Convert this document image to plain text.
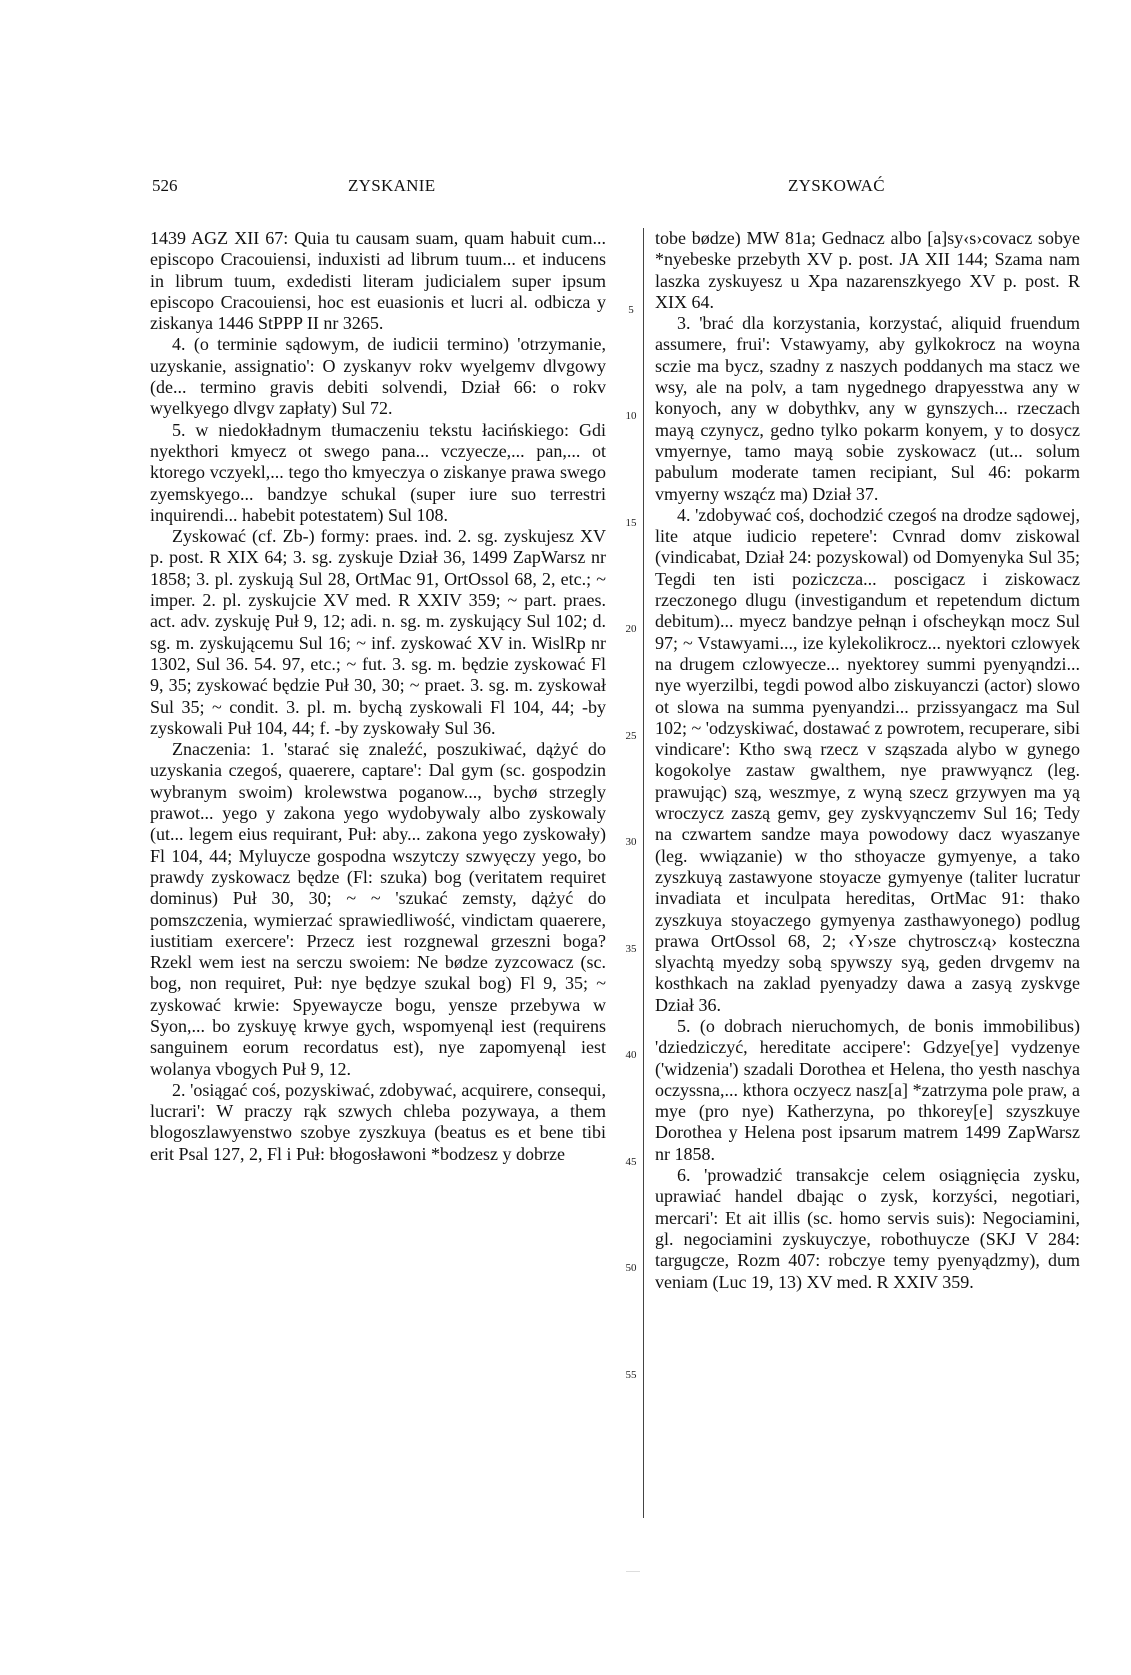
526	ZYSKANIE	ZYSKOWAĆ

1439 AGZ XII 67: Quia tu causam suam, quam habuit cum... episcopo Cracouiensi, induxisti ad librum tuum... et inducens in librum tuum, exdedisti literam judicialem super ipsum episcopo Cracouiensi, hoc est euasionis et lucri al. odbicza y ziskanya 1446 StPPP II nr 3265.

4. (o terminie sądowym, de iudicii termino) 'otrzymanie, uzyskanie, assignatio': O zyskanyv rokv wyelgemv dlvgowy (de... termino gravis debiti solvendi, Dział 66: o rokv wyelkyego dlvgv zapłaty) Sul 72.

5. w niedokładnym tłumaczeniu tekstu łacińskiego: Gdi nyekthori kmyecz ot swego pana... vczyecze,... pan,... ot ktorego vczyekl,... tego tho kmyeczya o ziskanye prawa swego zyemskyego... bandzye schukal (super iure suo terrestri inquirendi... habebit potestatem) Sul 108.

Zyskować (cf. Zb-) formy: praes. ind. 2. sg. zyskujesz XV p. post. R XIX 64; 3. sg. zyskuje Dział 36, 1499 ZapWarsz nr 1858; 3. pl. zyskują Sul 28, OrtMac 91, OrtOssol 68, 2, etc.; ~ imper. 2. pl. zyskujcie XV med. R XXIV 359; ~ part. praes. act. adv. zyskuję Puł 9, 12; adi. n. sg. m. zyskujący Sul 102; d. sg. m. zyskującemu Sul 16; ~ inf. zyskować XV in. WislRp nr 1302, Sul 36. 54. 97, etc.; ~ fut. 3. sg. m. będzie zyskować Fl 9, 35; zyskować będzie Puł 30, 30; ~ praet. 3. sg. m. zyskował Sul 35; ~ condit. 3. pl. m. bychą zyskowali Fl 104, 44; -by zyskowali Puł 104, 44; f. -by zyskowały Sul 36.

Znaczenia: 1. 'starać się znaleźć, poszukiwać, dążyć do uzyskania czegoś, quaerere, captare': Dal gym (sc. gospodzin wybranym swoim) krolewstwa poganow..., bychø strzegly prawot... yego y zakona yego wydobywaly albo zyskowaly (ut... legem eius requirant, Puł: aby... zakona yego zyskowały) Fl 104, 44; Myluycze gospodna wszytczy szwyęczy yego, bo prawdy zyskowacz będze (Fl: szuka) bog (veritatem requiret dominus) Puł 30, 30; ~ ~ 'szukać zemsty, dążyć do pomszczenia, wymierzać sprawiedliwość, vindictam quaerere, iustitiam exercere': Przecz iest rozgnewal grzeszni boga? Rzekl wem iest na serczu swoiem: Ne bødze zyzcowacz (sc. bog, non requiret, Puł: nye będzye szukal bog) Fl 9, 35; ~ zyskować krwie: Spyewaycze bogu, yensze przebywa w Syon,... bo zyskuyę krwye gych, wspomyenąl iest (requirens sanguinem eorum recordatus est), nye zapomyenąl iest wolanya vbogych Puł 9, 12.

2. 'osiągać coś, pozyskiwać, zdobywać, acquirere, consequi, lucrari': W praczy rąk szwych chleba pozywaya, a them blogoszlawyenstwo szobye zyszkuya (beatus es et bene tibi erit Psal 127, 2, Fl i Puł: błogosławoni *bodzesz y dobrze

5
10
15
20
25
30
35
40
45
50
55

tobe bødze) MW 81a; Gednacz albo [a]sy‹s›covacz sobye *nyebeske przebyth XV p. post. JA XII 144; Szama nam laszka zyskuyesz u Xpa nazarenszkyego XV p. post. R XIX 64.

3. 'brać dla korzystania, korzystać, aliquid fruendum assumere, frui': Vstawyamy, aby gylkokrocz na woyna sczie ma bycz, szadny z naszych poddanych ma stacz we wsy, ale na polv, a tam nygednego drapyesstwa any w konyoch, any w dobythkv, any w gynszych... rzeczach mayą czynycz, gedno tylko pokarm konyem, y to dosycz vmyernye, tamo mayą sobie zyskowacz (ut... solum pabulum moderate tamen recipiant, Sul 46: pokarm vmyerny wsząćz ma) Dział 37.

4. 'zdobywać coś, dochodzić czegoś na drodze sądowej, lite atque iudicio repetere': Cvnrad domv ziskowal (vindicabat, Dział 24: pozyskowal) od Domyenyka Sul 35; Tegdi ten isti poziczcza... poscigacz i ziskowacz rzeczonego dlugu (investigandum et repetendum dictum debitum)... myecz bandzye pełnąn i ofscheykąn mocz Sul 97; ~ Vstawyami..., ize kylekolikrocz... nyektori czlowyek na drugem czlowyecze... nyektorey summi pyenyąndzi... nye wyerzilbi, tegdi powod albo ziskuyanczi (actor) slowo ot slowa na summa pyenyandzi... przissyangacz ma Sul 102; ~ 'odzyskiwać, dostawać z powrotem, recuperare, sibi vindicare': Ktho swą rzecz v sząszada alybo w gynego kogokolye zastaw gwalthem, nye prawwyąncz (leg. prawując) szą, weszmye, z wyną szecz grzywyen ma yą wroczycz zaszą gemv, gey zyskvyąnczemv Sul 16; Tedy na czwartem sandze maya powodowy dacz wyaszanye (leg. wwiązanie) w tho sthoyacze gymyenye, a tako zyszkuyą zastawyone stoyacze gymyenye (taliter lucratur invadiata et inculpata hereditas, OrtMac 91: thako zyszkuya stoyaczego gymyenya zasthawyonego) podlug prawa OrtOssol 68, 2; ‹Y›sze chytroscz‹ą› kosteczna slyachtą myedzy sobą spywszy syą, geden drvgemv na kosthkach na zaklad pyenyadzy dawa a zasyą zyskvge Dział 36.

5. (o dobrach nieruchomych, de bonis immobilibus) 'dziedziczyć, hereditate accipere': Gdzye[ye] vydzenye ('widzenia') szadali Dorothea et Helena, tho yesth naschya oczyssna,... kthora oczyecz nasz[a] *zatrzyma pole praw, a mye (pro nye) Katherzyna, po thkorey[e] szyszkuye Dorothea y Helena post ipsarum matrem 1499 ZapWarsz nr 1858.

6. 'prowadzić transakcje celem osiągnięcia zysku, uprawiać handel dbając o zysk, korzyści, negotiari, mercari': Et ait illis (sc. homo servis suis): Negociamini, gl. negociamini zyskuyczye, robothuycze (SKJ V 284: targugcze, Rozm 407: robczye temy pyenyądzmy), dum veniam (Luc 19, 13) XV med. R XXIV 359.
